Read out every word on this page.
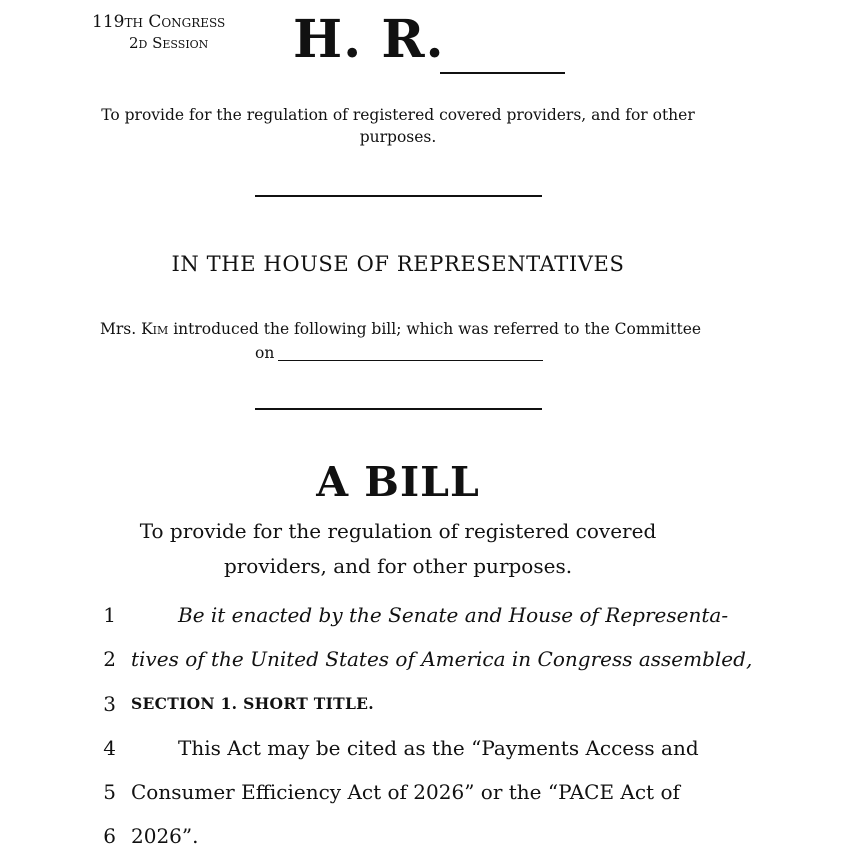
119th Congress
2d Session H. R.
To provide for the regulation of registered covered providers, and for other purposes.
IN THE HOUSE OF REPRESENTATIVES
Mrs. Kim introduced the following bill; which was referred to the Committee
on
A BILL
To provide for the regulation of registered covered providers, and for other purposes.
1	Be it enacted by the Senate and House of Representa-
2 tives of the United States of America in Congress assembled,
3 SECTION 1. SHORT TITLE.
4	This Act may be cited as the “Payments Access and
5 Consumer Efficiency Act of 2026” or the “PACE Act of
6 2026”.
